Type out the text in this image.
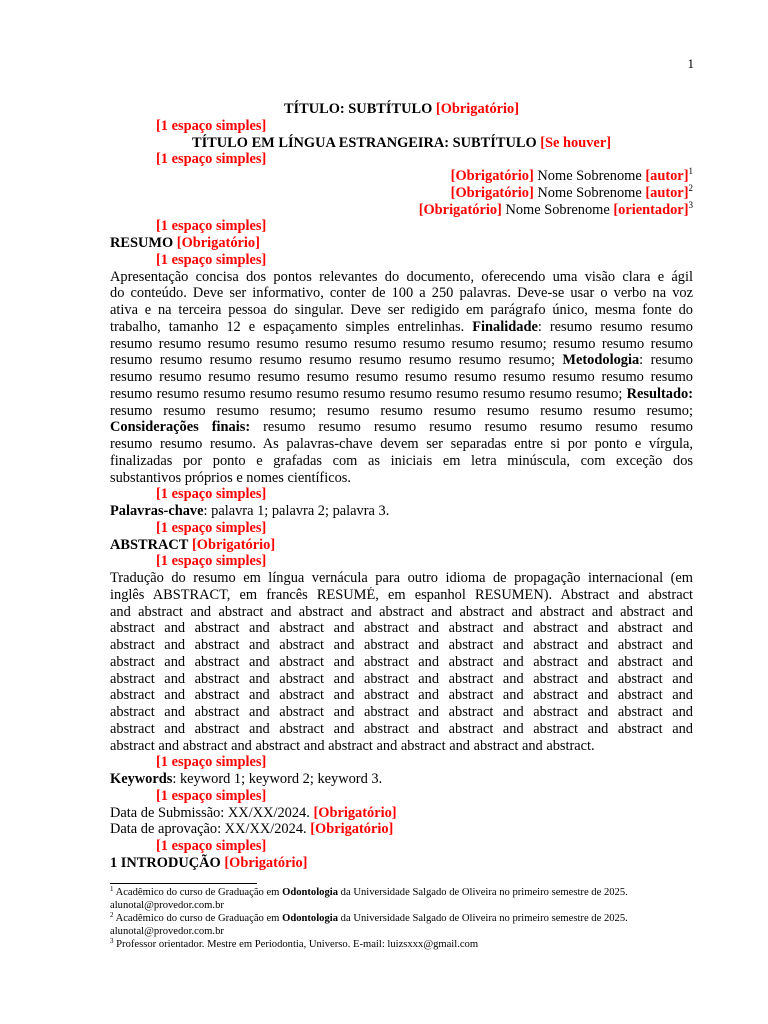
1
TÍTULO: SUBTÍTULO [Obrigatório]
[1 espaço simples]
TÍTULO EM LÍNGUA ESTRANGEIRA: SUBTÍTULO [Se houver]
[1 espaço simples]
[Obrigatório] Nome Sobrenome [autor]$^1$
[Obrigatório] Nome Sobrenome [autor]$^2$
[Obrigatório] Nome Sobrenome [orientador]$^3$
[1 espaço simples]
RESUMO [Obrigatório]
[1 espaço simples]
Apresentação concisa dos pontos relevantes do documento, oferecendo uma visão clara e ágil
do conteúdo. Deve ser informativo, conter de 100 a 250 palavras. Deve-se usar o verbo na voz
ativa e na terceira pessoa do singular. Deve ser redigido em parágrafo único, mesma fonte do
trabalho, tamanho 12 e espaçamento simples entrelinhas. Finalidade: resumo resumo resumo
resumo resumo resumo resumo resumo resumo resumo resumo resumo; resumo resumo resumo
resumo resumo resumo resumo resumo resumo resumo resumo resumo; Metodologia: resumo
resumo resumo resumo resumo resumo resumo resumo resumo resumo resumo resumo resumo
resumo resumo resumo resumo resumo resumo resumo resumo resumo resumo resumo; Resultado:
resumo resumo resumo resumo; resumo resumo resumo resumo resumo resumo resumo;
Considerações finais: resumo resumo resumo resumo resumo resumo resumo resumo
resumo resumo resumo. As palavras-chave devem ser separadas entre si por ponto e vírgula,
finalizadas por ponto e grafadas com as iniciais em letra minúscula, com exceção dos
substantivos próprios e nomes científicos.
[1 espaço simples]
Palavras-chave: palavra 1; palavra 2; palavra 3.
[1 espaço simples]
ABSTRACT [Obrigatório]
[1 espaço simples]
Tradução do resumo em língua vernácula para outro idioma de propagação internacional (em
inglês ABSTRACT, em francês RESUMÉ, em espanhol RESUMEN). Abstract and abstract
and abstract and abstract and abstract and abstract and abstract and abstract and abstract and
abstract and abstract and abstract and abstract and abstract and abstract and abstract and
abstract and abstract and abstract and abstract and abstract and abstract and abstract and
abstract and abstract and abstract and abstract and abstract and abstract and abstract and
abstract and abstract and abstract and abstract and abstract and abstract and abstract and
abstract and abstract and abstract and abstract and abstract and abstract and abstract and
abstract and abstract and abstract and abstract and abstract and abstract and abstract and
abstract and abstract and abstract and abstract and abstract and abstract and abstract and
abstract and abstract and abstract and abstract and abstract and abstract and abstract.
[1 espaço simples]
Keywords: keyword 1; keyword 2; keyword 3.
[1 espaço simples]
Data de Submissão: XX/XX/2024. [Obrigatório]
Data de aprovação: XX/XX/2024. [Obrigatório]
[1 espaço simples]
1 INTRODUÇÃO [Obrigatório]
$^1$ Acadêmico do curso de Graduação em Odontologia da Universidade Salgado de Oliveira no primeiro semestre de 2025.
alunotal@provedor.com.br
$^2$ Acadêmico do curso de Graduação em Odontologia da Universidade Salgado de Oliveira no primeiro semestre de 2025.
alunotal@provedor.com.br
$^3$ Professor orientador. Mestre em Periodontia, Universo. E-mail: luizsxxx@gmail.com
